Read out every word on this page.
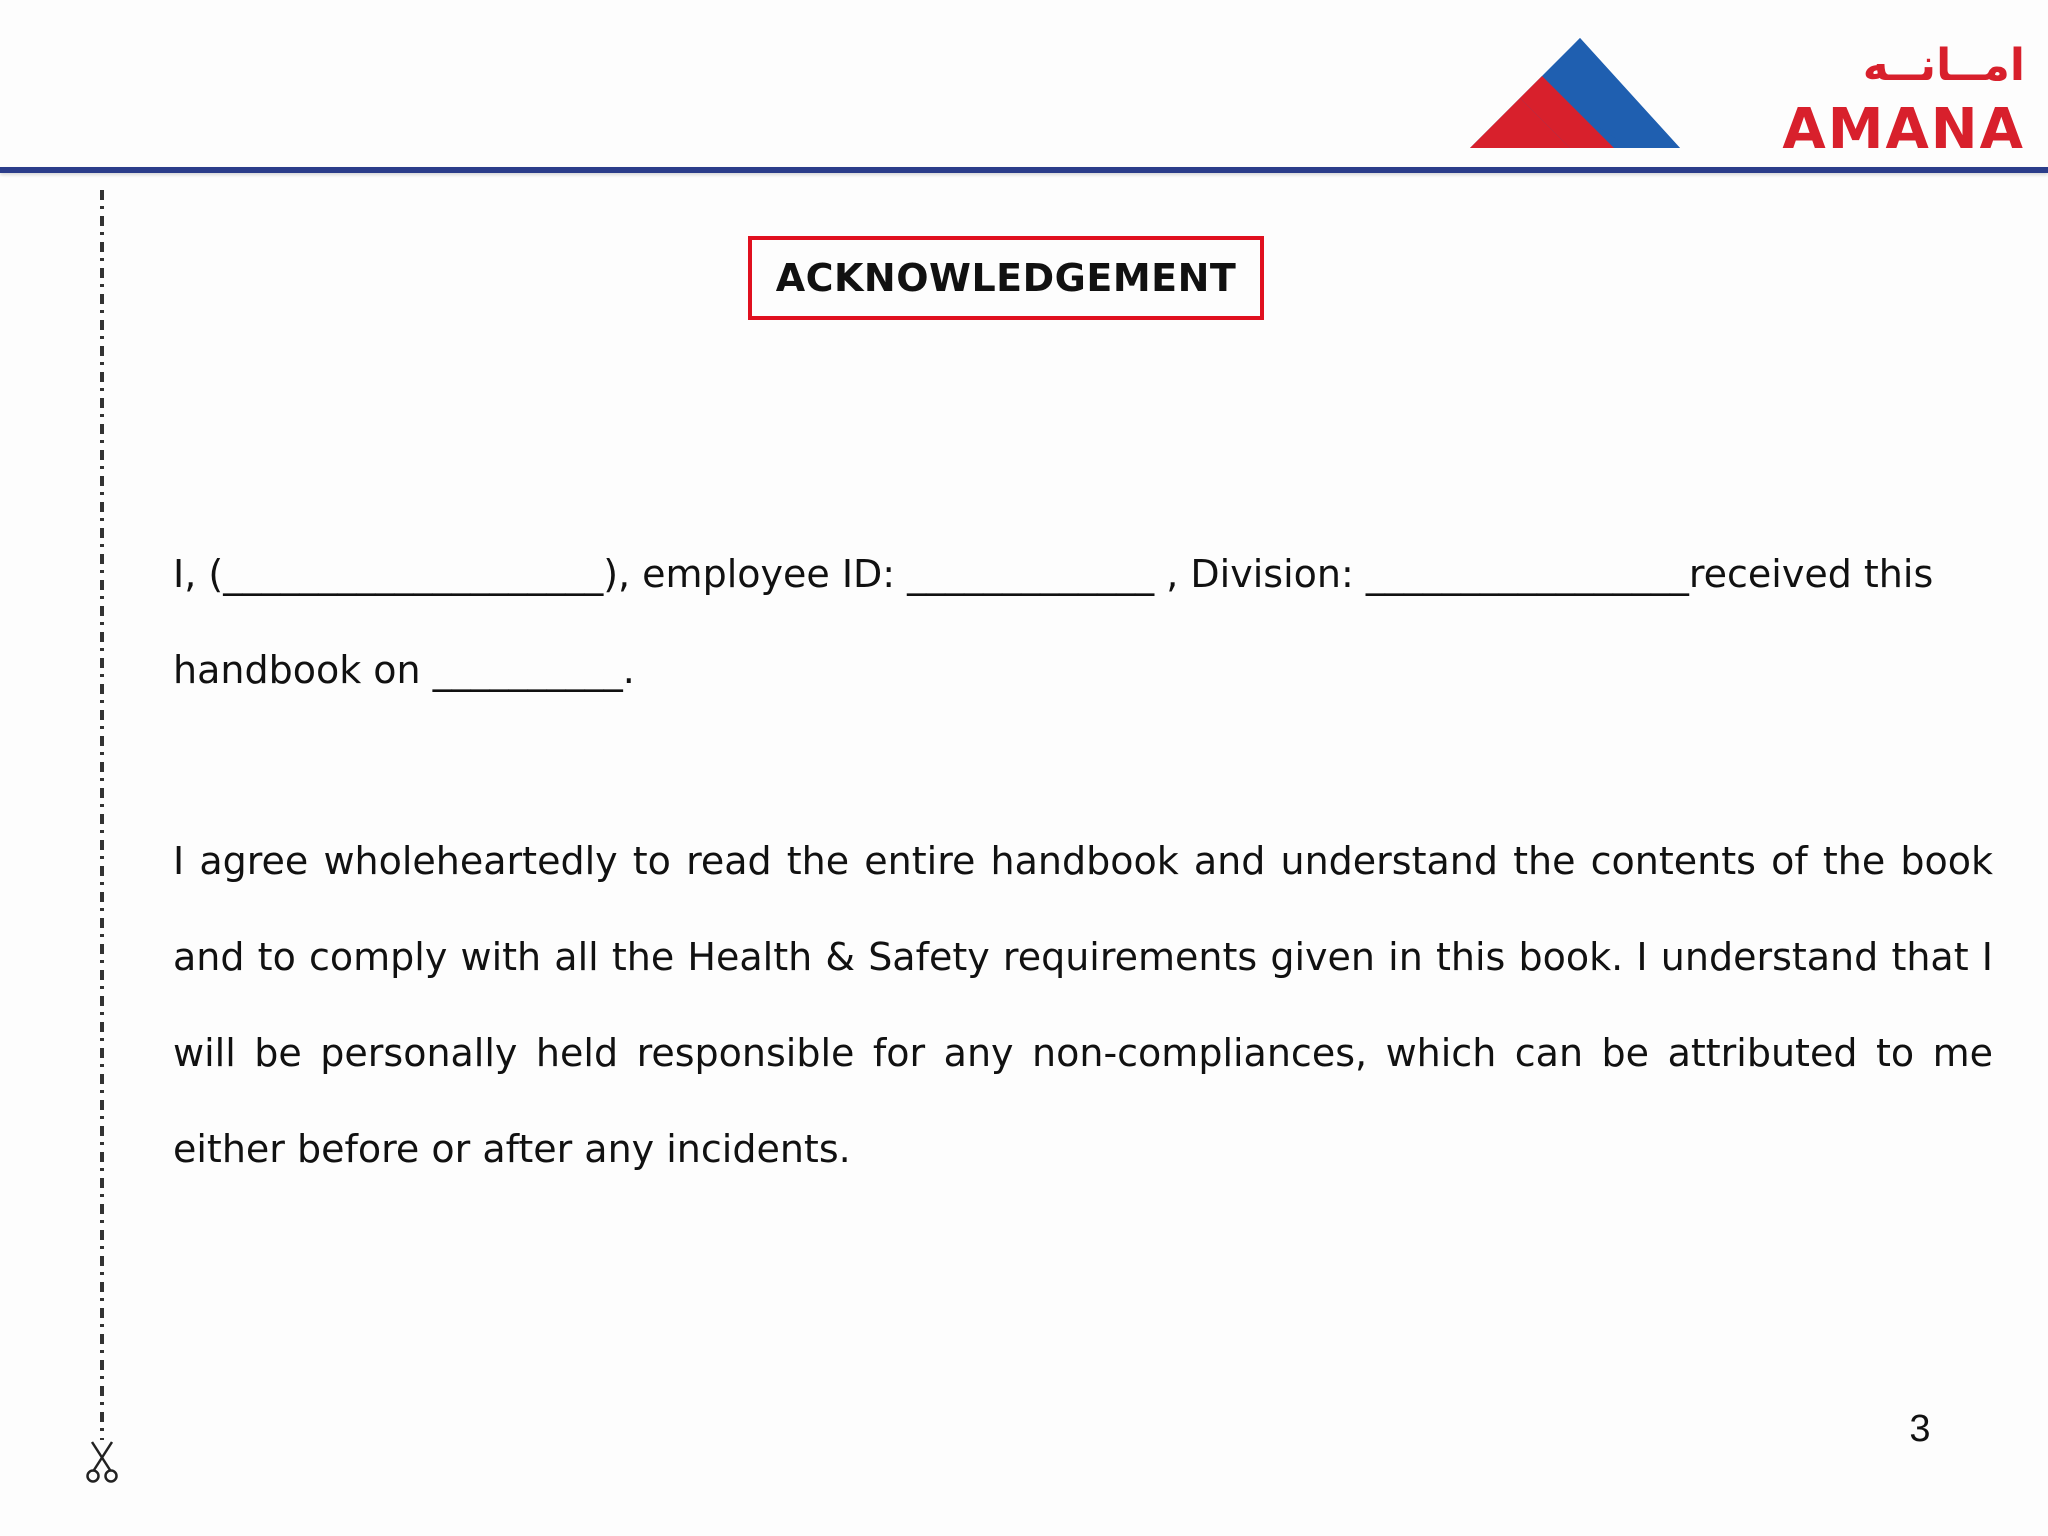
امــانــه
AMANA
ACKNOWLEDGEMENT
I, (____________________), employee ID: _____________ , Division: _________________received this
handbook on __________.
I agree wholeheartedly to read the entire handbook and understand the contents of the book and to comply with all the Health & Safety requirements given in this book. I understand that I will be personally held responsible for any non-compliances, which can be attributed to me either before or after any incidents.
3
